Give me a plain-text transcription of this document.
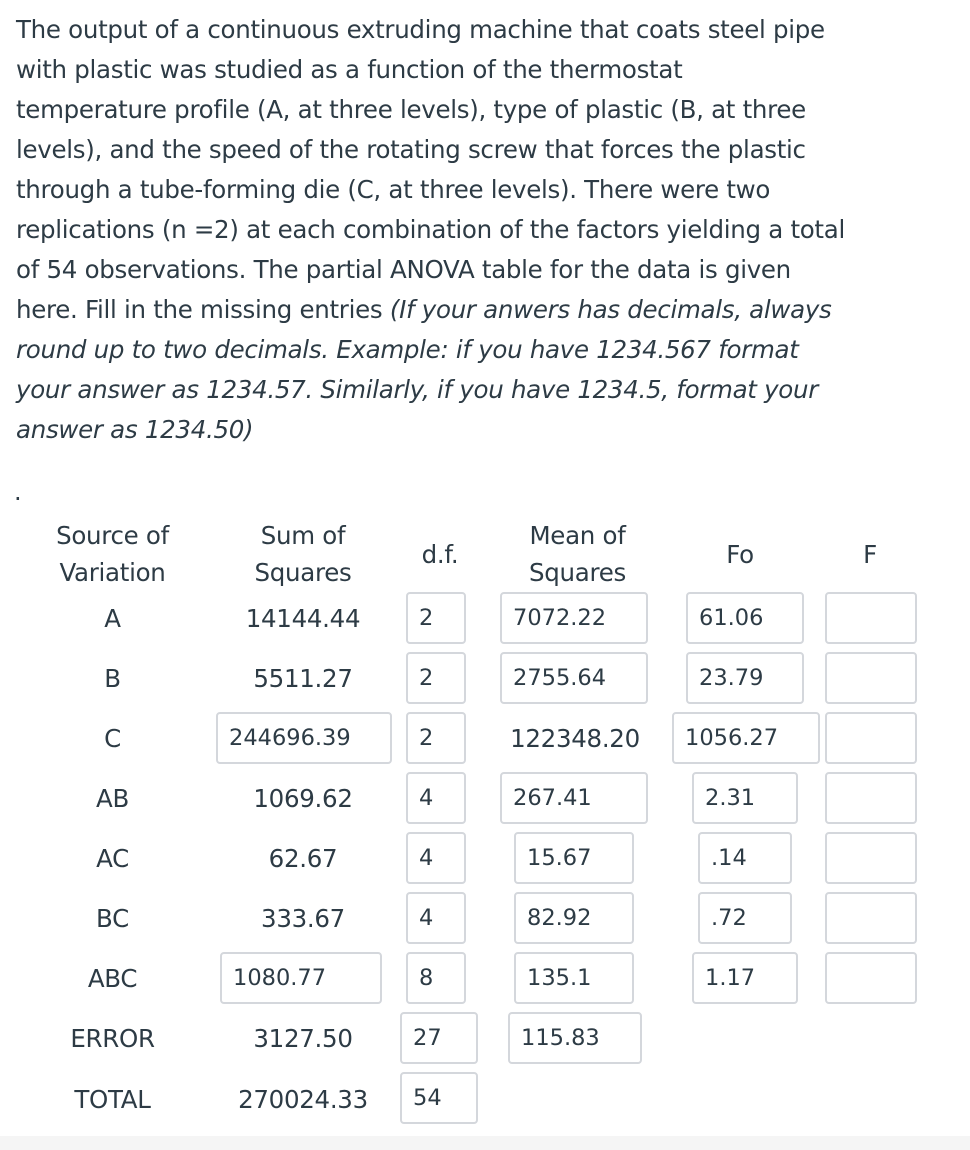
The output of a continuous extruding machine that coats steel pipe

with plastic was studied as a function of the thermostat

temperature profile (A, at three levels), type of plastic (B, at three

levels), and the speed of the rotating screw that forces the plastic

through a tube-forming die (C, at three levels). There were two

replications (n =2) at each combination of the factors yielding a total

of 54 observations. The partial ANOVA table for the data is given

here. Fill in the missing entries (If your anwers has decimals, always

round up to two decimals. Example: if you have 1234.567 format

your answer as 1234.57. Similarly, if you have 1234.5, format your

answer as 1234.50)

.
Source of
Variation
Sum of
Squares
d.f.
Mean of
Squares
Fo	F
A	14144.44	2	7072.22	61.06
B	5511.27	2	2755.64	23.79
C	244696.39	2	122348.20	1056.27
AB	1069.62	4	267.41	2.31
AC	62.67	4	15.67	.14
BC	333.67	4	82.92	.72
ABC	1080.77	8	135.1	1.17
ERROR	3127.50	27	115.83
TOTAL	270024.33	54
